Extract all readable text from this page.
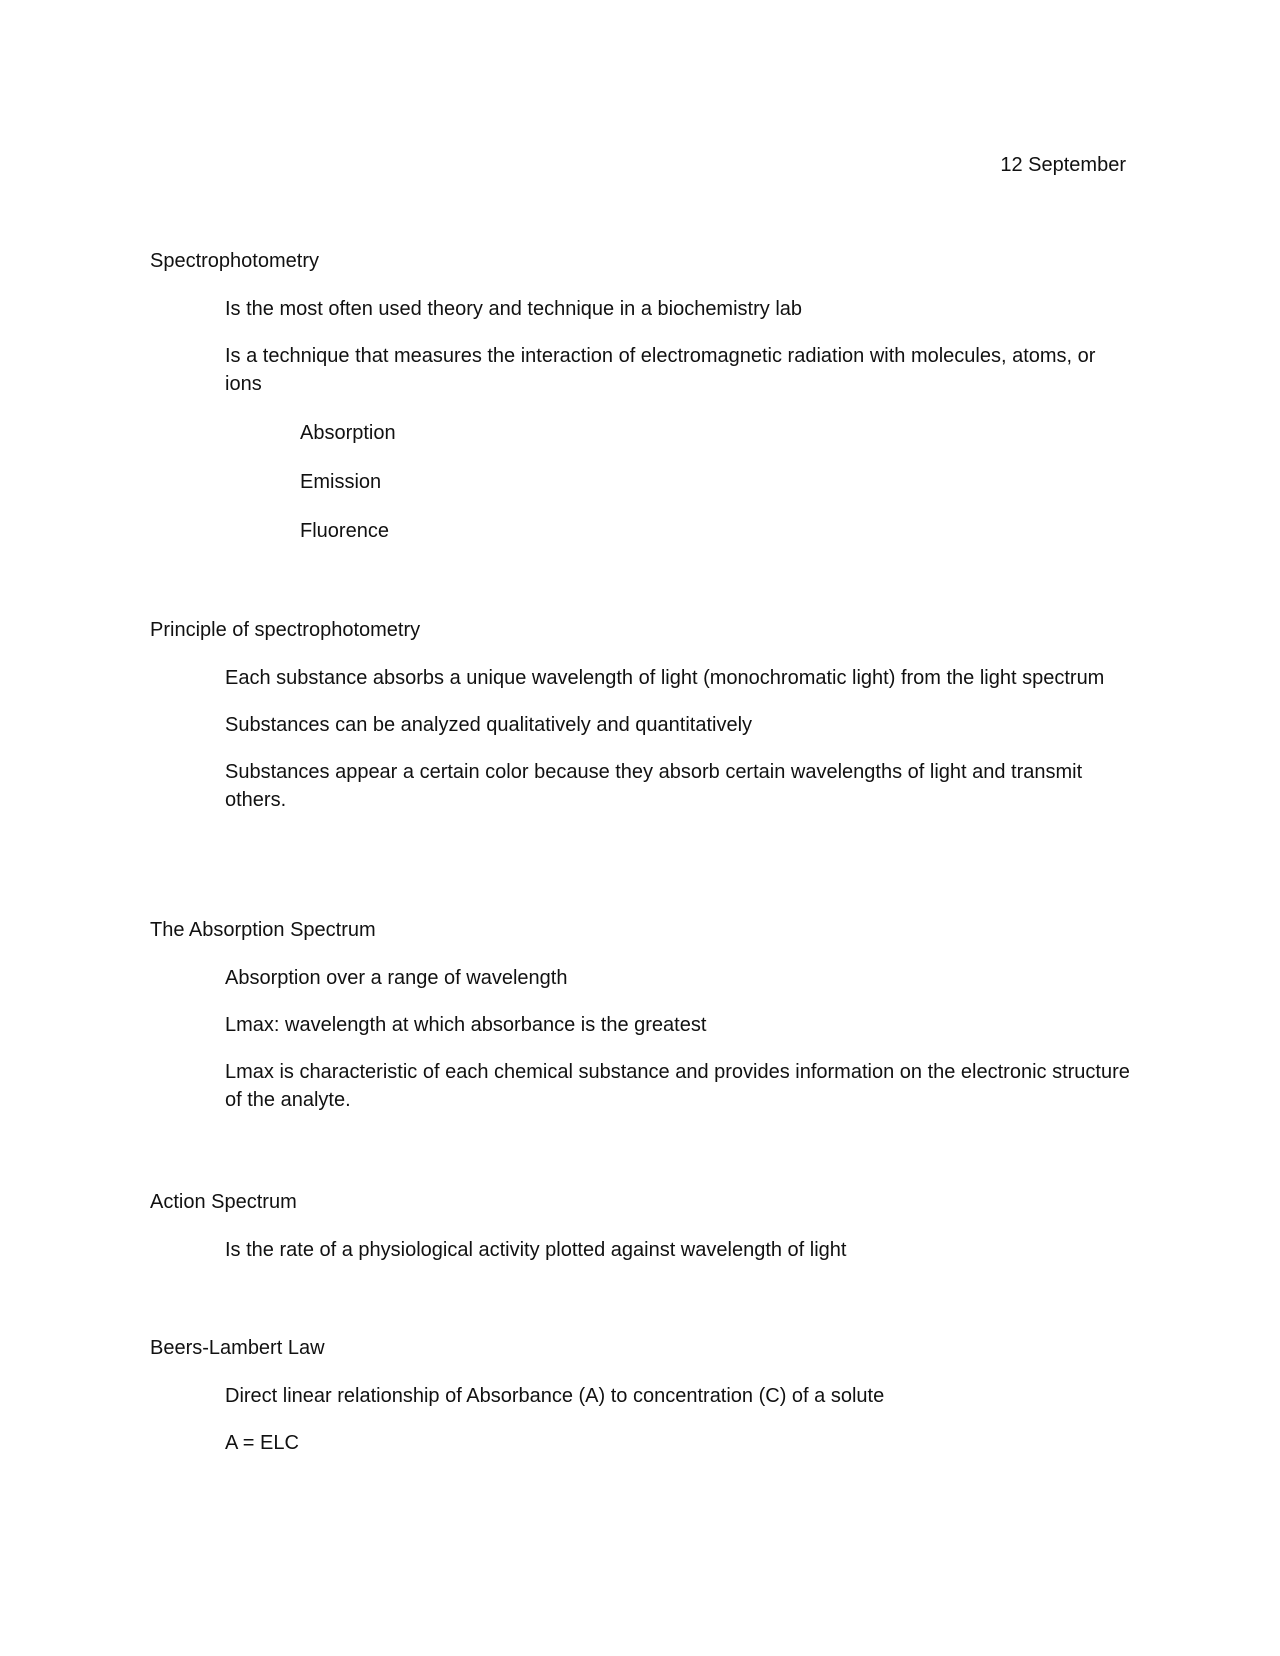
12 September

Spectrophotometry

Is the most often used theory and technique in a biochemistry lab

Is a technique that measures the interaction of electromagnetic radiation with molecules, atoms, or ions

Absorption

Emission

Fluorence

Principle of spectrophotometry

Each substance absorbs a unique wavelength of light (monochromatic light) from the light spectrum

Substances can be analyzed qualitatively and quantitatively

Substances appear a certain color because they absorb certain wavelengths of light and transmit others.

The Absorption Spectrum

Absorption over a range of wavelength

Lmax: wavelength at which absorbance is the greatest

Lmax is characteristic of each chemical substance and provides information on the electronic structure of the analyte.

Action Spectrum

Is the rate of a physiological activity plotted against wavelength of light

Beers-Lambert Law

Direct linear relationship of Absorbance (A) to concentration (C) of a solute

A = ELC
